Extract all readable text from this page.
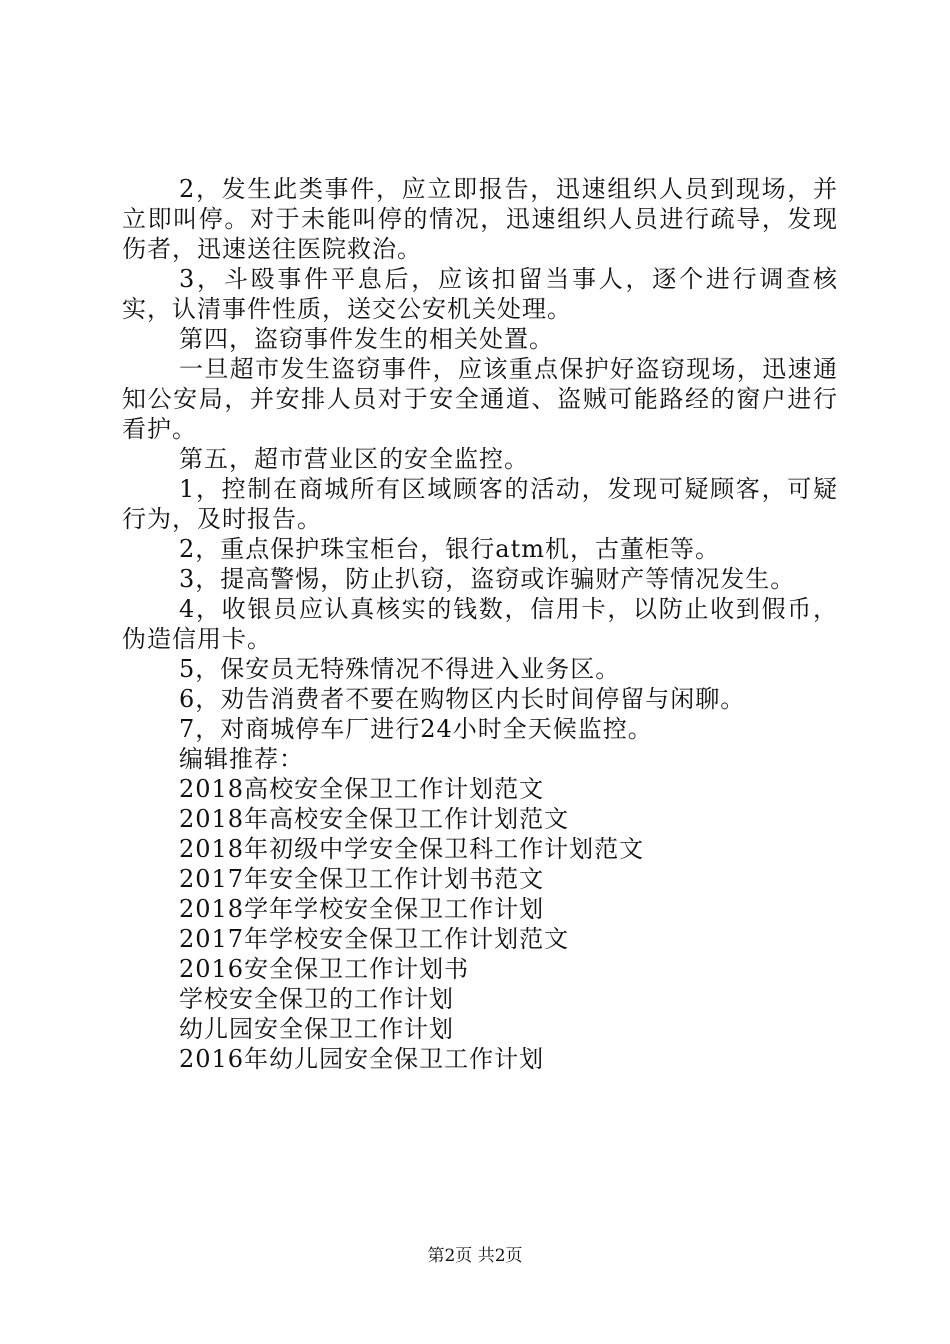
2，发生此类事件，应立即报告，迅速组织人员到现场，并立即叫停。对于未能叫停的情况，迅速组织人员进行疏导，发现伤者，迅速送往医院救治。

3，斗殴事件平息后，应该扣留当事人，逐个进行调查核实，认清事件性质，送交公安机关处理。

第四，盗窃事件发生的相关处置。

一旦超市发生盗窃事件，应该重点保护好盗窃现场，迅速通知公安局，并安排人员对于安全通道、盗贼可能路经的窗户进行看护。

第五，超市营业区的安全监控。

1，控制在商城所有区域顾客的活动，发现可疑顾客，可疑行为，及时报告。

2，重点保护珠宝柜台，银行atm机，古董柜等。

3，提高警惕，防止扒窃，盗窃或诈骗财产等情况发生。

4，收银员应认真核实的钱数，信用卡，以防止收到假币，伪造信用卡。

5，保安员无特殊情况不得进入业务区。

6，劝告消费者不要在购物区内长时间停留与闲聊。

7，对商城停车厂进行24小时全天候监控。

编辑推荐：

2018高校安全保卫工作计划范文
2018年高校安全保卫工作计划范文
2018年初级中学安全保卫科工作计划范文
2017年安全保卫工作计划书范文
2018学年学校安全保卫工作计划
2017年学校安全保卫工作计划范文
2016安全保卫工作计划书
学校安全保卫的工作计划
幼儿园安全保卫工作计划
2016年幼儿园安全保卫工作计划
第2页 共2页
